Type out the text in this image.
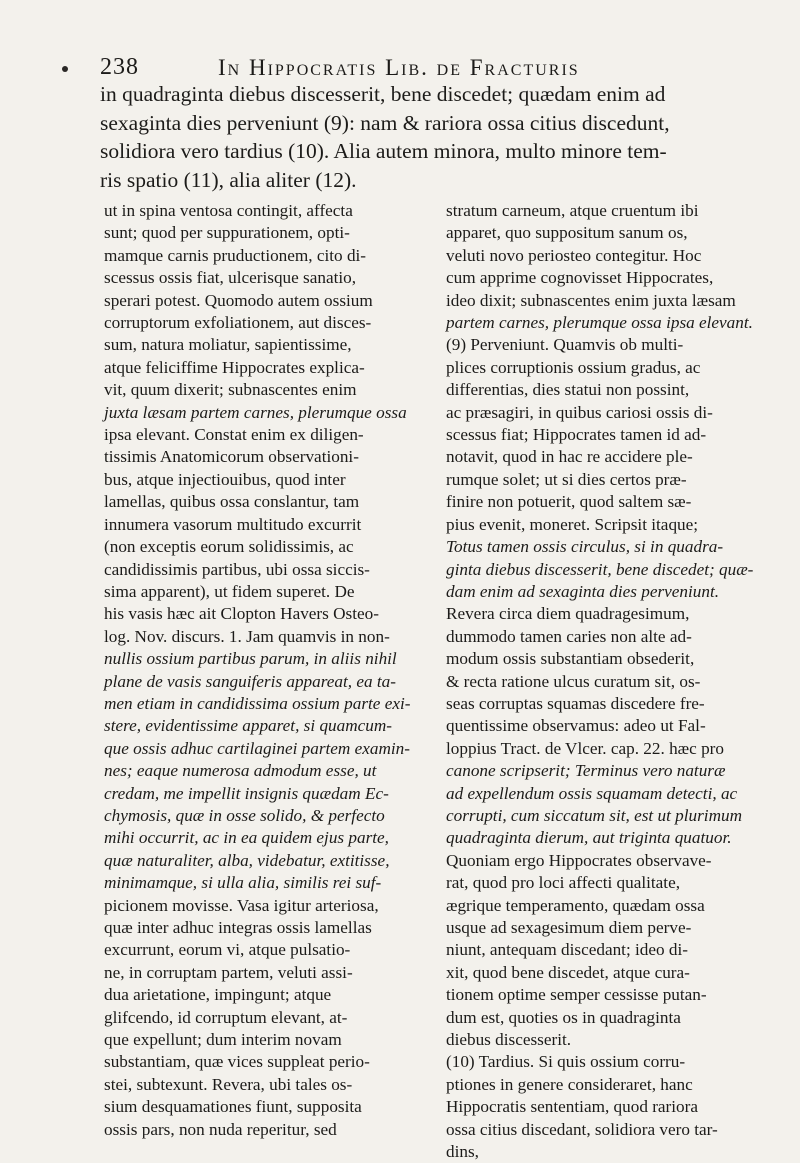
238	In Hippocratis Lib. de Fracturis
in quadraginta diebus discesserit, bene discedet; quædam enim ad
sexaginta dies perveniunt (9): nam & rariora ossa citius discedunt,
solidiora vero tardius (10). Alia autem minora, multo minore tem-
ris spatio (11), alia aliter (12).
ut in spina ventosa contingit, affecta
sunt; quod per suppurationem, opti-
mamque carnis pruductionem, cito di-
scessus ossis fiat, ulcerisque sanatio,
sperari potest. Quomodo autem ossium
corruptorum exfoliationem, aut disces-
sum, natura moliatur, sapientissime,
atque feliciffime Hippocrates explica-
vit, quum dixerit; subnascentes enim
juxta læsam partem carnes, plerumque ossa
ipsa elevant. Constat enim ex diligen-
tissimis Anatomicorum observationi-
bus, atque injectiouibus, quod inter
lamellas, quibus ossa conslantur, tam
innumera vasorum multitudo excurrit
(non exceptis eorum solidissimis, ac
candidissimis partibus, ubi ossa siccis-
sima apparent), ut fidem superet. De
his vasis hæc ait Clopton Havers Osteo-
log. Nov. discurs. 1. Jam quamvis in non-
nullis ossium partibus parum, in aliis nihil
plane de vasis sanguiferis appareat, ea ta-
men etiam in candidissima ossium parte exi-
stere, evidentissime apparet, si quamcum-
que ossis adhuc cartilaginei partem examin-
nes; eaque numerosa admodum esse, ut
credam, me impellit insignis quædam Ec-
chymosis, quæ in osse solido, & perfecto
mihi occurrit, ac in ea quidem ejus parte,
quæ naturaliter, alba, videbatur, extitisse,
minimamque, si ulla alia, similis rei suf-
picionem movisse. Vasa igitur arteriosa,
quæ inter adhuc integras ossis lamellas
excurrunt, eorum vi, atque pulsatio-
ne, in corruptam partem, veluti assi-
dua arietatione, impingunt; atque
glifcendo, id corruptum elevant, at-
que expellunt; dum interim novam
substantiam, quæ vices suppleat perio-
stei, subtexunt. Revera, ubi tales os-
sium desquamationes fiunt, supposita
ossis pars, non nuda reperitur, sed
stratum carneum, atque cruentum ibi
apparet, quo suppositum sanum os,
veluti novo periosteo contegitur. Hoc
cum apprime cognovisset Hippocrates,
ideo dixit; subnascentes enim juxta læsam
partem carnes, plerumque ossa ipsa elevant.
(9) Perveniunt. Quamvis ob multi-
plices corruptionis ossium gradus, ac
differentias, dies statui non possint,
ac præsagiri, in quibus cariosi ossis di-
scessus fiat; Hippocrates tamen id ad-
notavit, quod in hac re accidere ple-
rumque solet; ut si dies certos præ-
finire non potuerit, quod saltem sæ-
pius evenit, moneret. Scripsit itaque;
Totus tamen ossis circulus, si in quadra-
ginta diebus discesserit, bene discedet; quæ-
dam enim ad sexaginta dies perveniunt.
Revera circa diem quadragesimum,
dummodo tamen caries non alte ad-
modum ossis substantiam obsederit,
& recta ratione ulcus curatum sit, os-
seas corruptas squamas discedere fre-
quentissime observamus: adeo ut Fal-
loppius Tract. de Vlcer. cap. 22. hæc pro
canone scripserit; Terminus vero naturæ
ad expellendum ossis squamam detecti, ac
corrupti, cum siccatum sit, est ut plurimum
quadraginta dierum, aut triginta quatuor.
Quoniam ergo Hippocrates observave-
rat, quod pro loci affecti qualitate,
ægrique temperamento, quædam ossa
usque ad sexagesimum diem perve-
niunt, antequam discedant; ideo di-
xit, quod bene discedet, atque cura-
tionem optime semper cessisse putan-
dum est, quoties os in quadraginta
diebus discesserit.
(10) Tardius. Si quis ossium corru-
ptiones in genere consideraret, hanc
Hippocratis sententiam, quod rariora
ossa citius discedant, solidiora vero tar-
dins,
